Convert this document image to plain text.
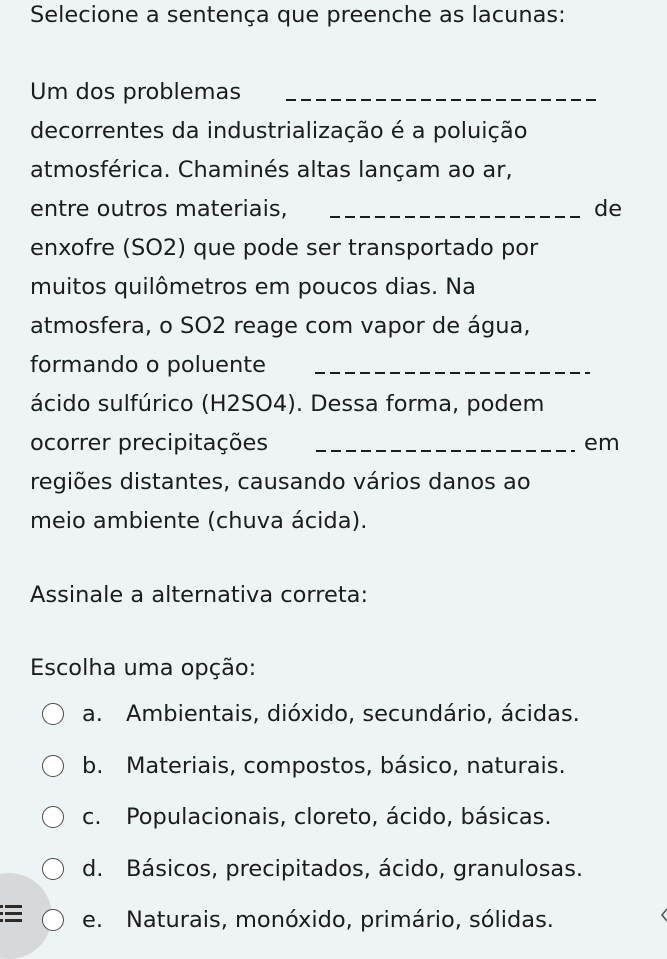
Selecione a sentença que preenche as lacunas:
Um dos problemas
decorrentes da industrialização é a poluição
atmosférica. Chaminés altas lançam ao ar,
entre outros materiais,	de
enxofre (SO2) que pode ser transportado por
muitos quilômetros em poucos dias. Na
atmosfera, o SO2 reage com vapor de água,
formando o poluente
ácido sulfúrico (H2SO4). Dessa forma, podem
ocorrer precipitações	em
regiões distantes, causando vários danos ao
meio ambiente (chuva ácida).
Assinale a alternativa correta:
Escolha uma opção:
a.	Ambientais, dióxido, secundário, ácidas.
b.	Materiais, compostos, básico, naturais.
c.	Populacionais, cloreto, ácido, básicas.
d.	Básicos, precipitados, ácido, granulosas.
e.	Naturais, monóxido, primário, sólidas.
